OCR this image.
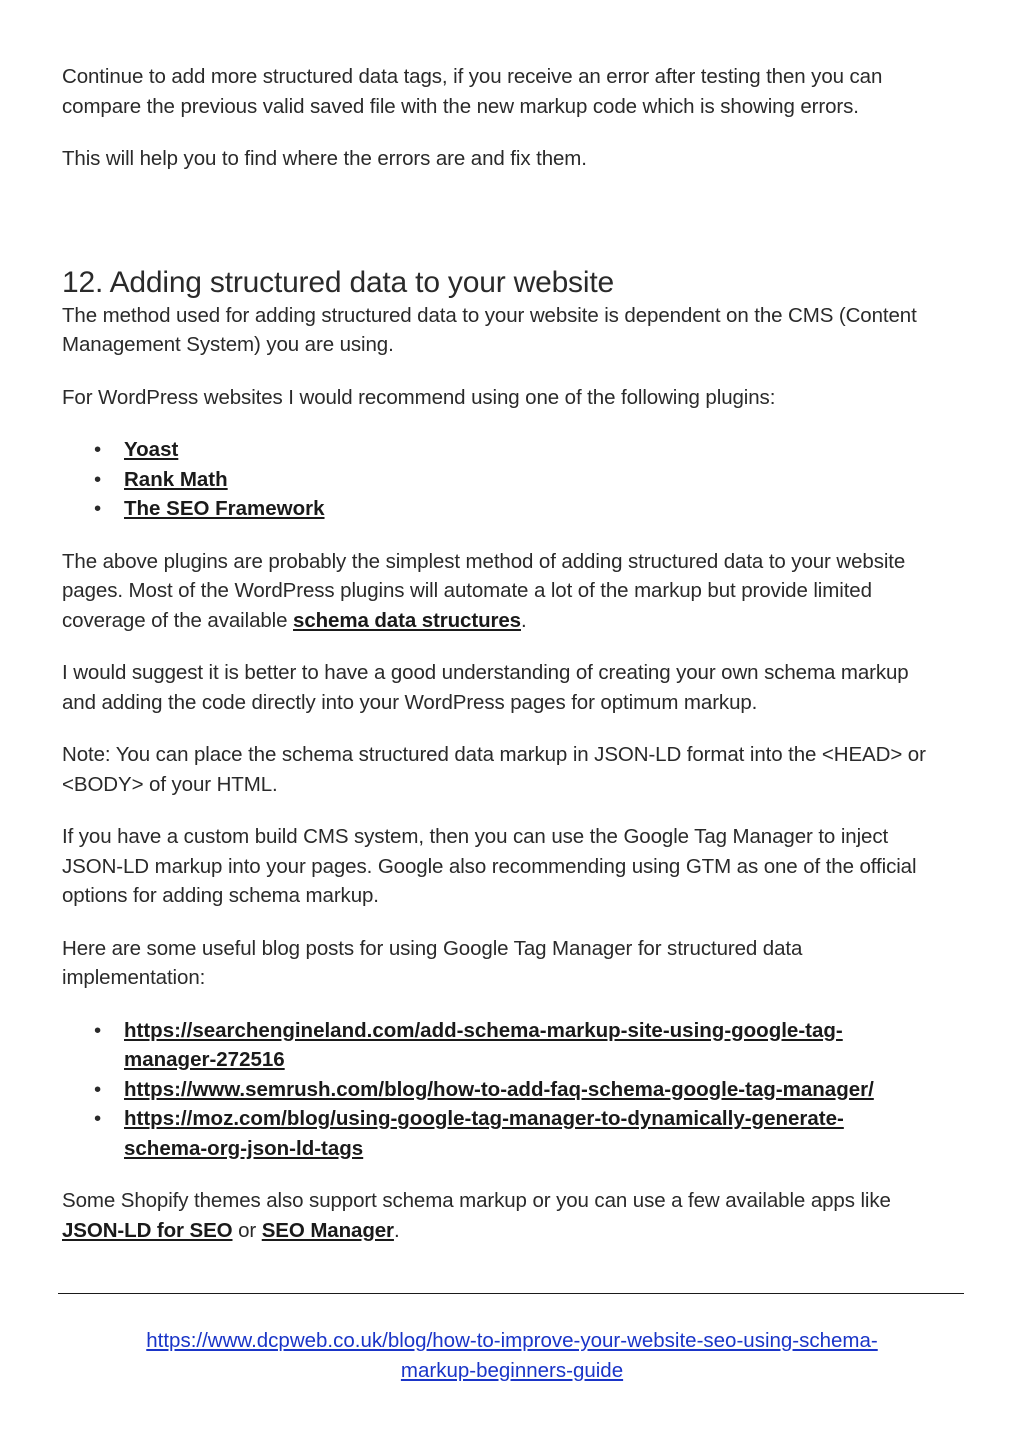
Continue to add more structured data tags, if you receive an error after testing then you can compare the previous valid saved file with the new markup code which is showing errors.

This will help you to find where the errors are and fix them.

12. Adding structured data to your website

The method used for adding structured data to your website is dependent on the CMS (Content Management System) you are using.

For WordPress websites I would recommend using one of the following plugins:

• Yoast
• Rank Math
• The SEO Framework

The above plugins are probably the simplest method of adding structured data to your website pages. Most of the WordPress plugins will automate a lot of the markup but provide limited coverage of the available schema data structures.

I would suggest it is better to have a good understanding of creating your own schema markup and adding the code directly into your WordPress pages for optimum markup.

Note: You can place the schema structured data markup in JSON-LD format into the <HEAD> or <BODY> of your HTML.

If you have a custom build CMS system, then you can use the Google Tag Manager to inject JSON-LD markup into your pages. Google also recommending using GTM as one of the official options for adding schema markup.

Here are some useful blog posts for using Google Tag Manager for structured data implementation:

• https://searchengineland.com/add-schema-markup-site-using-google-tag-manager-272516
• https://www.semrush.com/blog/how-to-add-faq-schema-google-tag-manager/
• https://moz.com/blog/using-google-tag-manager-to-dynamically-generate-schema-org-json-ld-tags

Some Shopify themes also support schema markup or you can use a few available apps like JSON-LD for SEO or SEO Manager.

https://www.dcpweb.co.uk/blog/how-to-improve-your-website-seo-using-schema-
markup-beginners-guide
